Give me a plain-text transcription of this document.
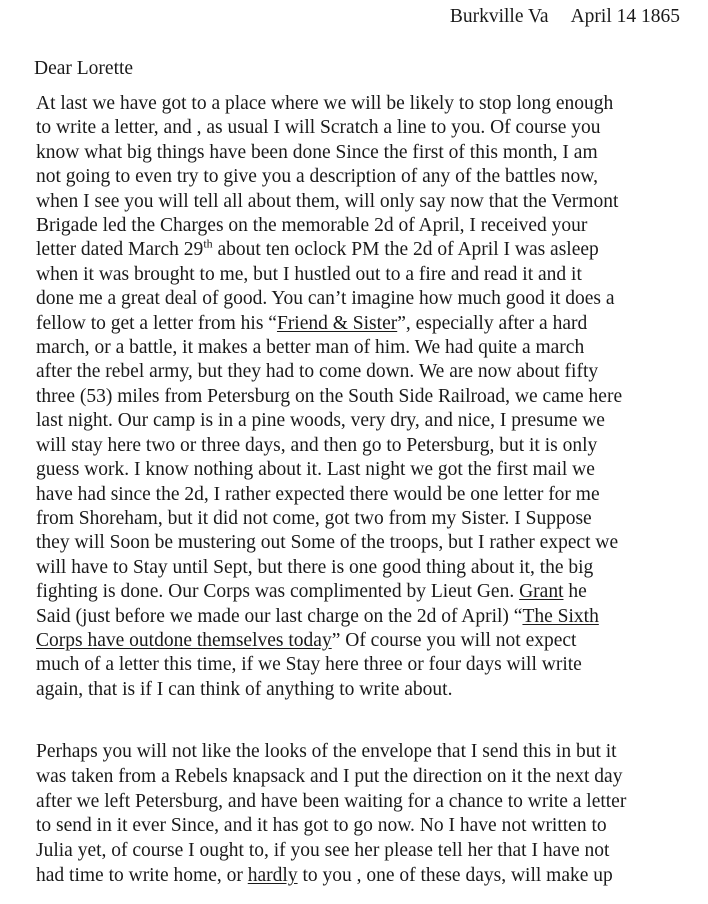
Burkville Va April 14 1865
Dear Lorette
At last we have got to a place where we will be likely to stop long enough
to write a letter, and , as usual I will Scratch a line to you. Of course you
know what big things have been done Since the first of this month, I am
not going to even try to give you a description of any of the battles now,
when I see you will tell all about them, will only say now that the Vermont
Brigade led the Charges on the memorable 2d of April, I received your
letter dated March 29th about ten oclock PM the 2d of April I was asleep
when it was brought to me, but I hustled out to a fire and read it and it
done me a great deal of good. You can’t imagine how much good it does a
fellow to get a letter from his “Friend & Sister”, especially after a hard
march, or a battle, it makes a better man of him. We had quite a march
after the rebel army, but they had to come down. We are now about fifty
three (53) miles from Petersburg on the South Side Railroad, we came here
last night. Our camp is in a pine woods, very dry, and nice, I presume we
will stay here two or three days, and then go to Petersburg, but it is only
guess work. I know nothing about it. Last night we got the first mail we
have had since the 2d, I rather expected there would be one letter for me
from Shoreham, but it did not come, got two from my Sister. I Suppose
they will Soon be mustering out Some of the troops, but I rather expect we
will have to Stay until Sept, but there is one good thing about it, the big
fighting is done. Our Corps was complimented by Lieut Gen. Grant he
Said (just before we made our last charge on the 2d of April) “The Sixth
Corps have outdone themselves today” Of course you will not expect
much of a letter this time, if we Stay here three or four days will write
again, that is if I can think of anything to write about.
Perhaps you will not like the looks of the envelope that I send this in but it
was taken from a Rebels knapsack and I put the direction on it the next day
after we left Petersburg, and have been waiting for a chance to write a letter
to send in it ever Since, and it has got to go now. No I have not written to
Julia yet, of course I ought to, if you see her please tell her that I have not
had time to write home, or hardly to you , one of these days, will make up
